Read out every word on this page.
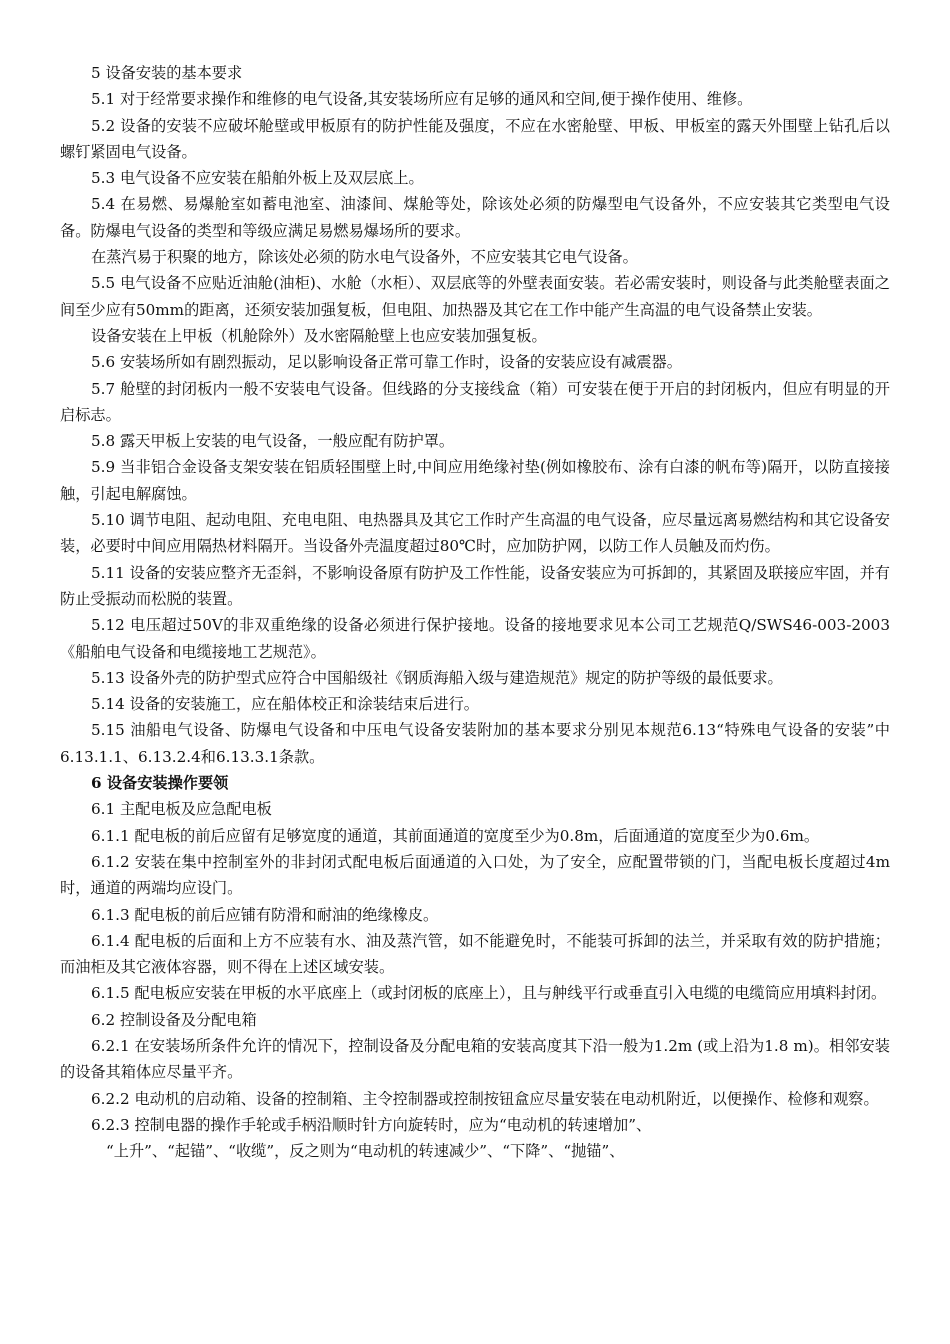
5 设备安装的基本要求

5.1 对于经常要求操作和维修的电气设备,其安装场所应有足够的通风和空间,便于操作使用、维修。

5.2 设备的安装不应破坏舱壁或甲板原有的防护性能及强度，不应在水密舱壁、甲板、甲板室的露天外围壁上钻孔后以螺钉紧固电气设备。

5.3 电气设备不应安装在船舶外板上及双层底上。

5.4 在易燃、易爆舱室如蓄电池室、油漆间、煤舱等处，除该处必须的防爆型电气设备外，不应安装其它类型电气设备。防爆电气设备的类型和等级应满足易燃易爆场所的要求。

在蒸汽易于积聚的地方，除该处必须的防水电气设备外，不应安装其它电气设备。

5.5 电气设备不应贴近油舱(油柜)、水舱（水柜）、双层底等的外壁表面安装。若必需安装时，则设备与此类舱壁表面之间至少应有50mm的距离，还须安装加强复板，但电阻、加热器及其它在工作中能产生高温的电气设备禁止安装。

设备安装在上甲板（机舱除外）及水密隔舱壁上也应安装加强复板。

5.6 安装场所如有剧烈振动，足以影响设备正常可靠工作时，设备的安装应设有减震器。

5.7 舱壁的封闭板内一般不安装电气设备。但线路的分支接线盒（箱）可安装在便于开启的封闭板内，但应有明显的开启标志。

5.8 露天甲板上安装的电气设备，一般应配有防护罩。

5.9 当非铝合金设备支架安装在铝质轻围壁上时,中间应用绝缘衬垫(例如橡胶布、涂有白漆的帆布等)隔开，以防直接接触，引起电解腐蚀。

5.10 调节电阻、起动电阻、充电电阻、电热器具及其它工作时产生高温的电气设备，应尽量远离易燃结构和其它设备安装，必要时中间应用隔热材料隔开。当设备外壳温度超过80℃时，应加防护网，以防工作人员触及而灼伤。

5.11 设备的安装应整齐无歪斜，不影响设备原有防护及工作性能，设备安装应为可拆卸的，其紧固及联接应牢固，并有防止受振动而松脱的装置。

5.12 电压超过50V的非双重绝缘的设备必须进行保护接地。设备的接地要求见本公司工艺规范Q/SWS46-003-2003《船舶电气设备和电缆接地工艺规范》。

5.13 设备外壳的防护型式应符合中国船级社《钢质海船入级与建造规范》规定的防护等级的最低要求。

5.14 设备的安装施工，应在船体校正和涂装结束后进行。

5.15 油船电气设备、防爆电气设备和中压电气设备安装附加的基本要求分别见本规范6.13“特殊电气设备的安装”中6.13.1.1、6.13.2.4和6.13.3.1条款。

6 设备安装操作要领

6.1 主配电板及应急配电板

6.1.1 配电板的前后应留有足够宽度的通道，其前面通道的宽度至少为0.8m，后面通道的宽度至少为0.6m。

6.1.2 安装在集中控制室外的非封闭式配电板后面通道的入口处，为了安全，应配置带锁的门，当配电板长度超过4m时，通道的两端均应设门。

6.1.3 配电板的前后应铺有防滑和耐油的绝缘橡皮。

6.1.4 配电板的后面和上方不应装有水、油及蒸汽管，如不能避免时，不能装可拆卸的法兰，并采取有效的防护措施；而油柜及其它液体容器，则不得在上述区域安装。

6.1.5 配电板应安装在甲板的水平底座上（或封闭板的底座上），且与舯线平行或垂直引入电缆的电缆筒应用填料封闭。

6.2 控制设备及分配电箱

6.2.1 在安装场所条件允许的情况下，控制设备及分配电箱的安装高度其下沿一般为1.2m (或上沿为1.8 m)。相邻安装的设备其箱体应尽量平齐。

6.2.2 电动机的启动箱、设备的控制箱、主令控制器或控制按钮盒应尽量安装在电动机附近，以便操作、检修和观察。

6.2.3 控制电器的操作手轮或手柄沿顺时针方向旋转时，应为“电动机的转速增加”、

“上升”、“起锚”、“收缆”，反之则为“电动机的转速减少”、“下降”、“抛锚”、
